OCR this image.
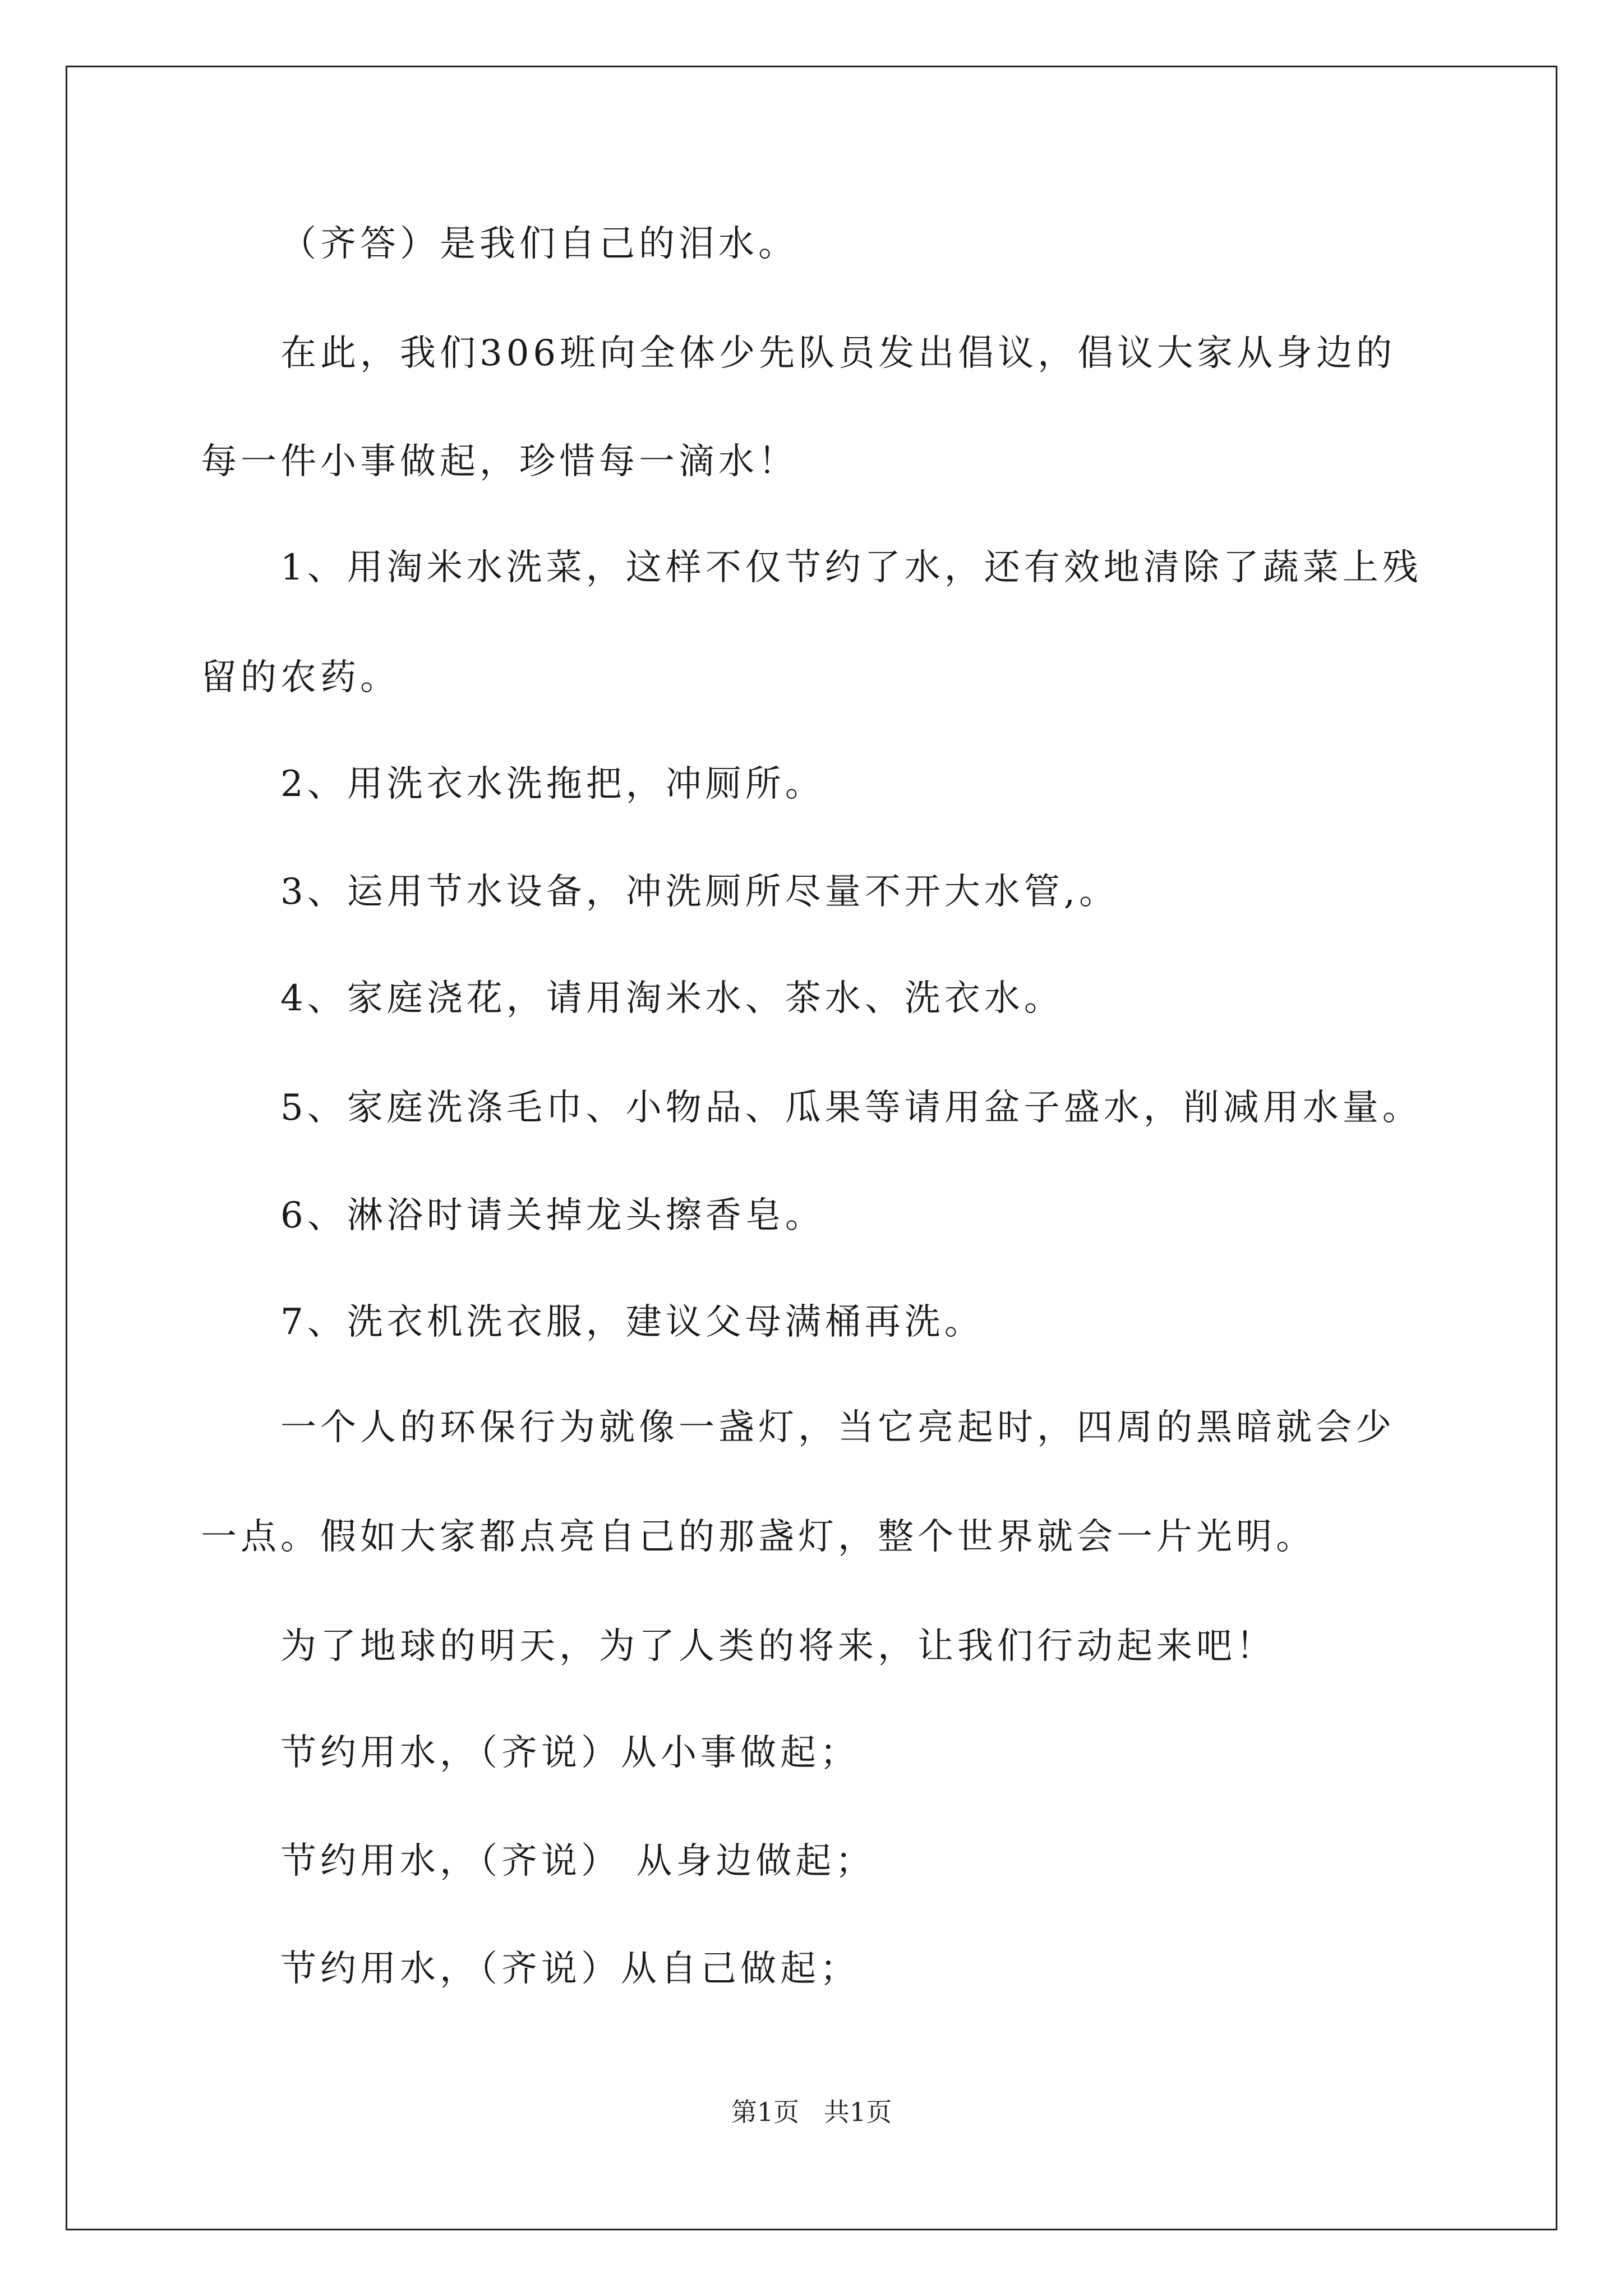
（齐答）是我们自己的泪水。
在此，我们306班向全体少先队员发出倡议，倡议大家从身边的
每一件小事做起，珍惜每一滴水！
1、用淘米水洗菜，这样不仅节约了水，还有效地清除了蔬菜上残
留的农药。
2、用洗衣水洗拖把，冲厕所。
3、运用节水设备，冲洗厕所尽量不开大水管,。
4、家庭浇花，请用淘米水、茶水、洗衣水。
5、家庭洗涤毛巾、小物品、瓜果等请用盆子盛水，削减用水量。
6、淋浴时请关掉龙头擦香皂。
7、洗衣机洗衣服，建议父母满桶再洗。
一个人的环保行为就像一盏灯，当它亮起时，四周的黑暗就会少
一点。假如大家都点亮自己的那盏灯，整个世界就会一片光明。
为了地球的明天，为了人类的将来，让我们行动起来吧！
节约用水，（齐说）从小事做起；
节约用水，（齐说） 从身边做起；
节约用水，（齐说）从自己做起；
第1页   共1页
